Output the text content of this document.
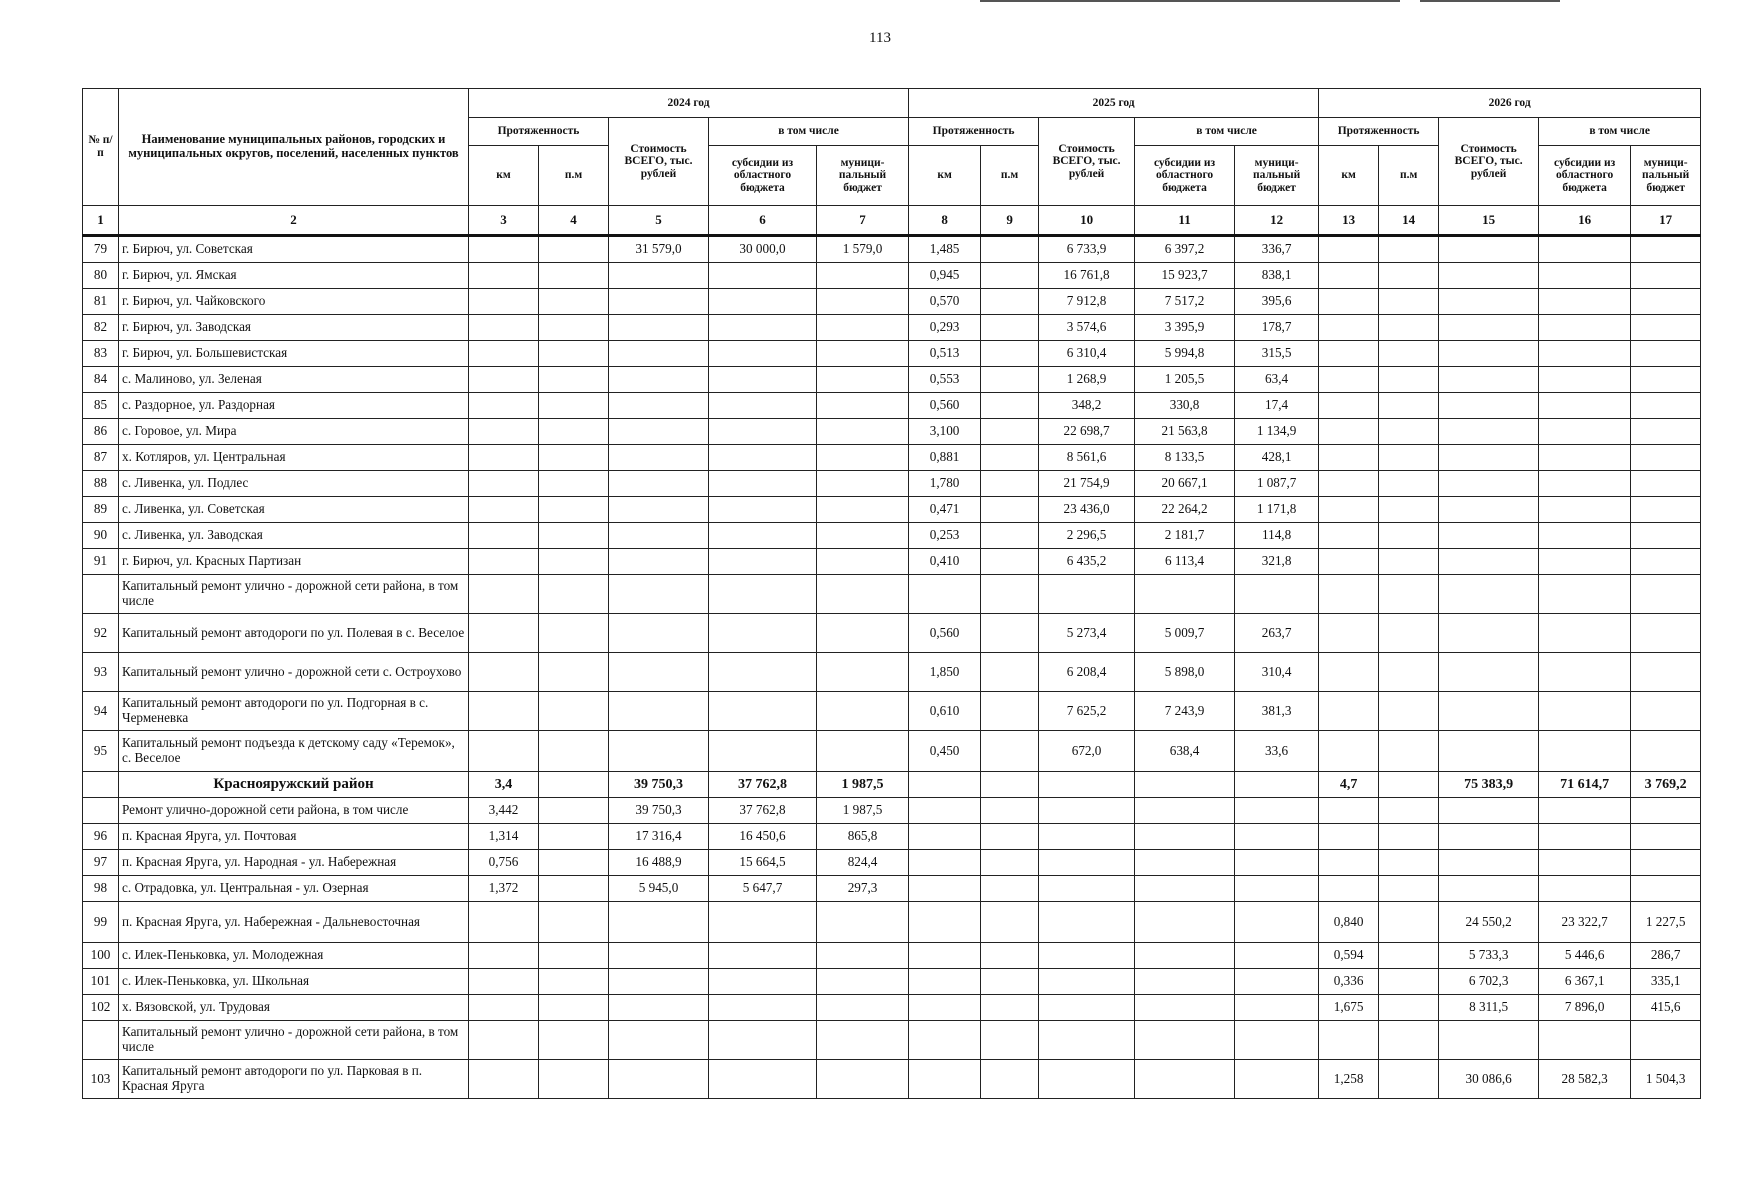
113
№ п/п	Наименование муниципальных районов, городских и муниципальных округов, поселений, населенных пунктов	2024 год					2025 год					2026 год				
		Протяженность		Стоимость ВСЕГО, тыс. рублей	в том числе		Протяженность		Стоимость ВСЕГО, тыс. рублей	в том числе		Протяженность		Стоимость ВСЕГО, тыс. рублей	в том числе	
		км	п.м		субсидии из областного бюджета	муници-пальный бюджет	км	п.м		субсидии из областного бюджета	муници-пальный бюджет	км	п.м		субсидии из областного бюджета	муници-пальный бюджет
1	2	3	4	5	6	7	8	9	10	11	12	13	14	15	16	17
79	г. Бирюч, ул. Советская			31 579,0	30 000,0	1 579,0	1,485		6 733,9	6 397,2	336,7					
80	г. Бирюч, ул. Ямская						0,945		16 761,8	15 923,7	838,1					
81	г. Бирюч, ул. Чайковского						0,570		7 912,8	7 517,2	395,6					
82	г. Бирюч, ул. Заводская						0,293		3 574,6	3 395,9	178,7					
83	г. Бирюч, ул. Большевистская						0,513		6 310,4	5 994,8	315,5					
84	с. Малиново, ул. Зеленая						0,553		1 268,9	1 205,5	63,4					
85	с. Раздорное, ул. Раздорная						0,560		348,2	330,8	17,4					
86	с. Горовое, ул. Мира						3,100		22 698,7	21 563,8	1 134,9					
87	х. Котляров, ул. Центральная						0,881		8 561,6	8 133,5	428,1					
88	с. Ливенка, ул. Подлес						1,780		21 754,9	20 667,1	1 087,7					
89	с. Ливенка, ул. Советская						0,471		23 436,0	22 264,2	1 171,8					
90	с. Ливенка, ул. Заводская						0,253		2 296,5	2 181,7	114,8					
91	г. Бирюч, ул. Красных Партизан						0,410		6 435,2	6 113,4	321,8					
	Капитальный ремонт улично - дорожной сети района, в том числе															
92	Капитальный ремонт автодороги по ул. Полевая в с. Веселое						0,560		5 273,4	5 009,7	263,7					
93	Капитальный ремонт улично - дорожной сети с. Остроухово						1,850		6 208,4	5 898,0	310,4					
94	Капитальный ремонт автодороги по ул. Подгорная в с. Черменевка						0,610		7 625,2	7 243,9	381,3					
95	Капитальный ремонт подъезда к детскому саду «Теремок», с. Веселое						0,450		672,0	638,4	33,6					
	Краснояружский район	3,4		39 750,3	37 762,8	1 987,5						4,7		75 383,9	71 614,7	3 769,2
	Ремонт улично-дорожной сети района, в том числе	3,442		39 750,3	37 762,8	1 987,5										
96	п. Красная Яруга, ул. Почтовая	1,314		17 316,4	16 450,6	865,8										
97	п. Красная Яруга, ул. Народная - ул. Набережная	0,756		16 488,9	15 664,5	824,4										
98	с. Отрадовка, ул. Центральная - ул. Озерная	1,372		5 945,0	5 647,7	297,3										
99	п. Красная Яруга, ул. Набережная - Дальневосточная											0,840		24 550,2	23 322,7	1 227,5
100	с. Илек-Пеньковка, ул. Молодежная											0,594		5 733,3	5 446,6	286,7
101	с. Илек-Пеньковка, ул. Школьная											0,336		6 702,3	6 367,1	335,1
102	х. Вязовской, ул. Трудовая											1,675		8 311,5	7 896,0	415,6
	Капитальный ремонт улично - дорожной сети района, в том числе															
103	Капитальный ремонт автодороги по ул. Парковая в п. Красная Яруга											1,258		30 086,6	28 582,3	1 504,3
